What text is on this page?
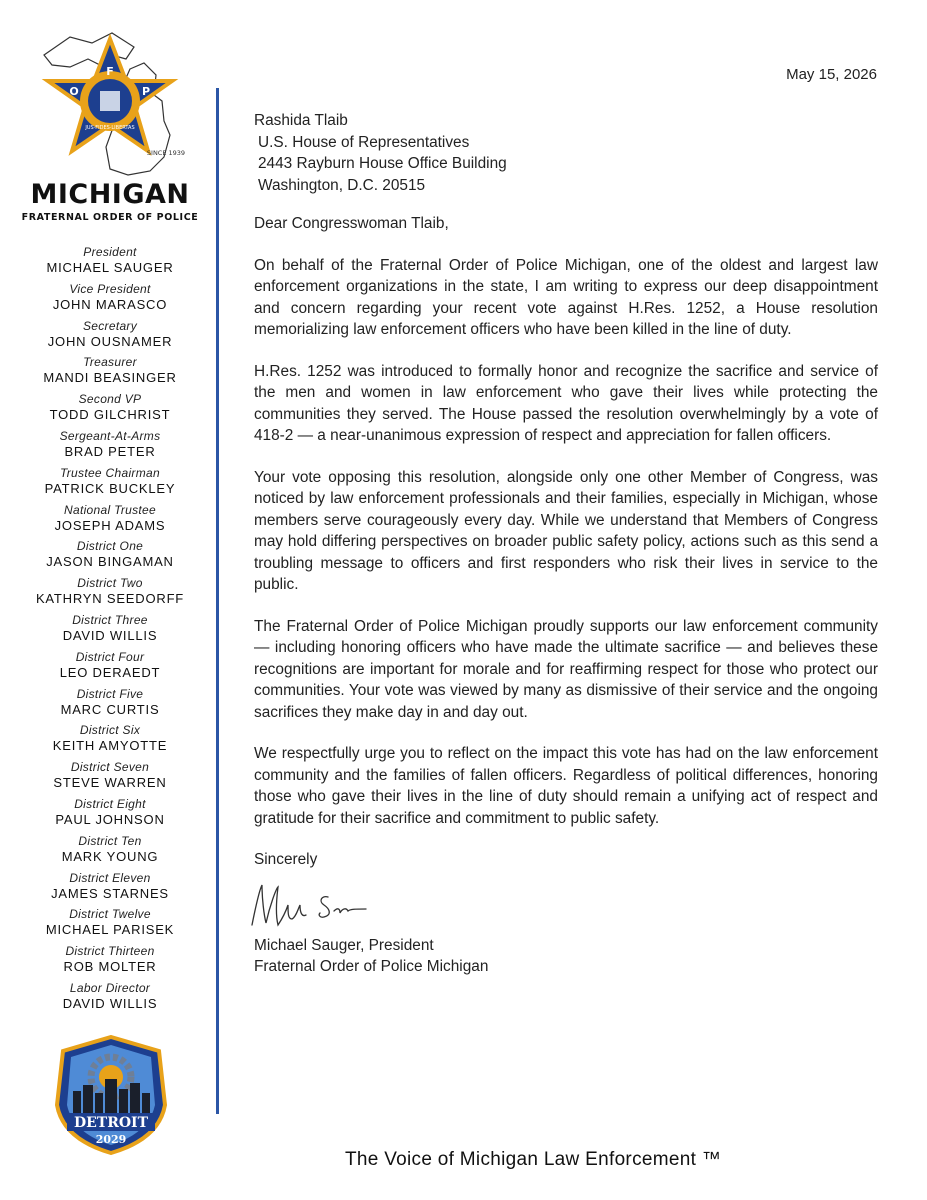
F
O	P
JUS·FIDES·LIBERTAS
SINCE 1939
MICHIGAN
FRATERNAL ORDER OF POLICE
President
MICHAEL SAUGER
Vice President
JOHN MARASCO
Secretary
JOHN OUSNAMER
Treasurer
MANDI BEASINGER
Second VP
TODD GILCHRIST
Sergeant-At-Arms
BRAD PETER
Trustee Chairman
PATRICK BUCKLEY
National Trustee
JOSEPH ADAMS
District One
JASON BINGAMAN
District Two
KATHRYN SEEDORFF
District Three
DAVID WILLIS
District Four
LEO DERAEDT
District Five
MARC CURTIS
District Six
KEITH AMYOTTE
District Seven
STEVE WARREN
District Eight
PAUL JOHNSON
District Ten
MARK YOUNG
District Eleven
JAMES STARNES
District Twelve
MICHAEL PARISEK
District Thirteen
ROB MOLTER
Labor Director
DAVID WILLIS
DETROIT
2029
May 15, 2026
Rashida Tlaib
U.S. House of Representatives
2443 Rayburn House Office Building
Washington, D.C. 20515
Dear Congresswoman Tlaib,
On behalf of the Fraternal Order of Police Michigan, one of the oldest and largest law enforcement organizations in the state, I am writing to express our deep disappointment and concern regarding your recent vote against H.Res. 1252, a House resolution memorializing law enforcement officers who have been killed in the line of duty.
H.Res. 1252 was introduced to formally honor and recognize the sacrifice and service of the men and women in law enforcement who gave their lives while protecting the communities they served. The House passed the resolution overwhelmingly by a vote of 418-2 — a near-unanimous expression of respect and appreciation for fallen officers.
Your vote opposing this resolution, alongside only one other Member of Congress, was noticed by law enforcement professionals and their families, especially in Michigan, whose members serve courageously every day. While we understand that Members of Congress may hold differing perspectives on broader public safety policy, actions such as this send a troubling message to officers and first responders who risk their lives in service to the public.
The Fraternal Order of Police Michigan proudly supports our law enforcement community — including honoring officers who have made the ultimate sacrifice — and believes these recognitions are important for morale and for reaffirming respect for those who protect our communities. Your vote was viewed by many as dismissive of their service and the ongoing sacrifices they make day in and day out.
We respectfully urge you to reflect on the impact this vote has had on the law enforcement community and the families of fallen officers. Regardless of political differences, honoring those who gave their lives in the line of duty should remain a unifying act of respect and gratitude for their sacrifice and commitment to public safety.
Sincerely
Michael Sauger, President
Fraternal Order of Police Michigan
The Voice of Michigan Law Enforcement ™
